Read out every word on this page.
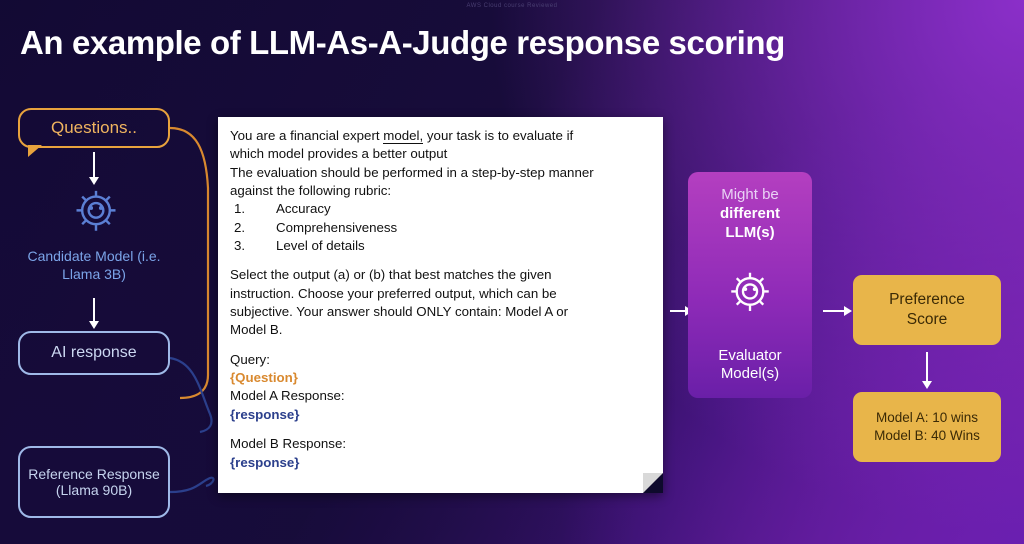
AWS Cloud course Reviewed
An example of LLM-As-A-Judge response scoring
Questions..
Candidate Model (i.e. Llama 3B)
AI response
Reference Response (Llama 90B)

You are a financial expert model, your task is to evaluate if

which model provides a better output

The evaluation should be performed in a step-by-step manner

against the following rubric:

1.	Accuracy
2.	Comprehensiveness
3.	Level of details

Select the output (a) or (b) that best matches the given

instruction. Choose your preferred output, which can be

subjective. Your answer should ONLY contain: Model A or

Model B.

Query:

{Question}

Model A Response:

{response}

Model B Response:

{response}

Might be
different
LLM(s)
Evaluator
Model(s)
Preference
Score
Model A: 10 wins
Model B: 40 Wins
